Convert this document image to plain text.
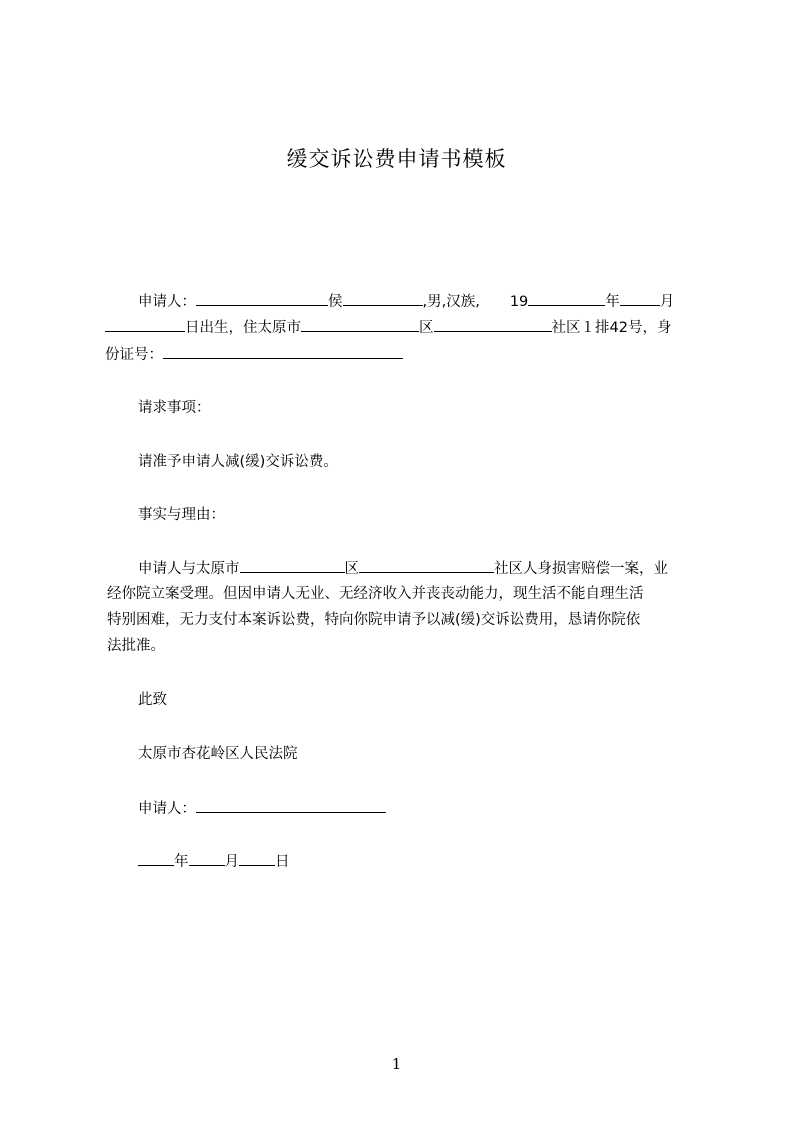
缓交诉讼费申请书模板
申请人：	侯	,男,汉族, 19	年	月
日出生，住太原市	区	社区１排42号，身
份证号：
请求事项：
请准予申请人减(缓)交诉讼费。
事实与理由：
申请人与太原市	区	社区人身损害赔偿一案，业
经你院立案受理。但因申请人无业、无经济收入并丧丧动能力，现生活不能自理生活
特别困难，无力支付本案诉讼费，特向你院申请予以减(缓)交诉讼费用，恳请你院依
法批准。
此致
太原市杏花岭区人民法院
申请人：
年 月 日
1
